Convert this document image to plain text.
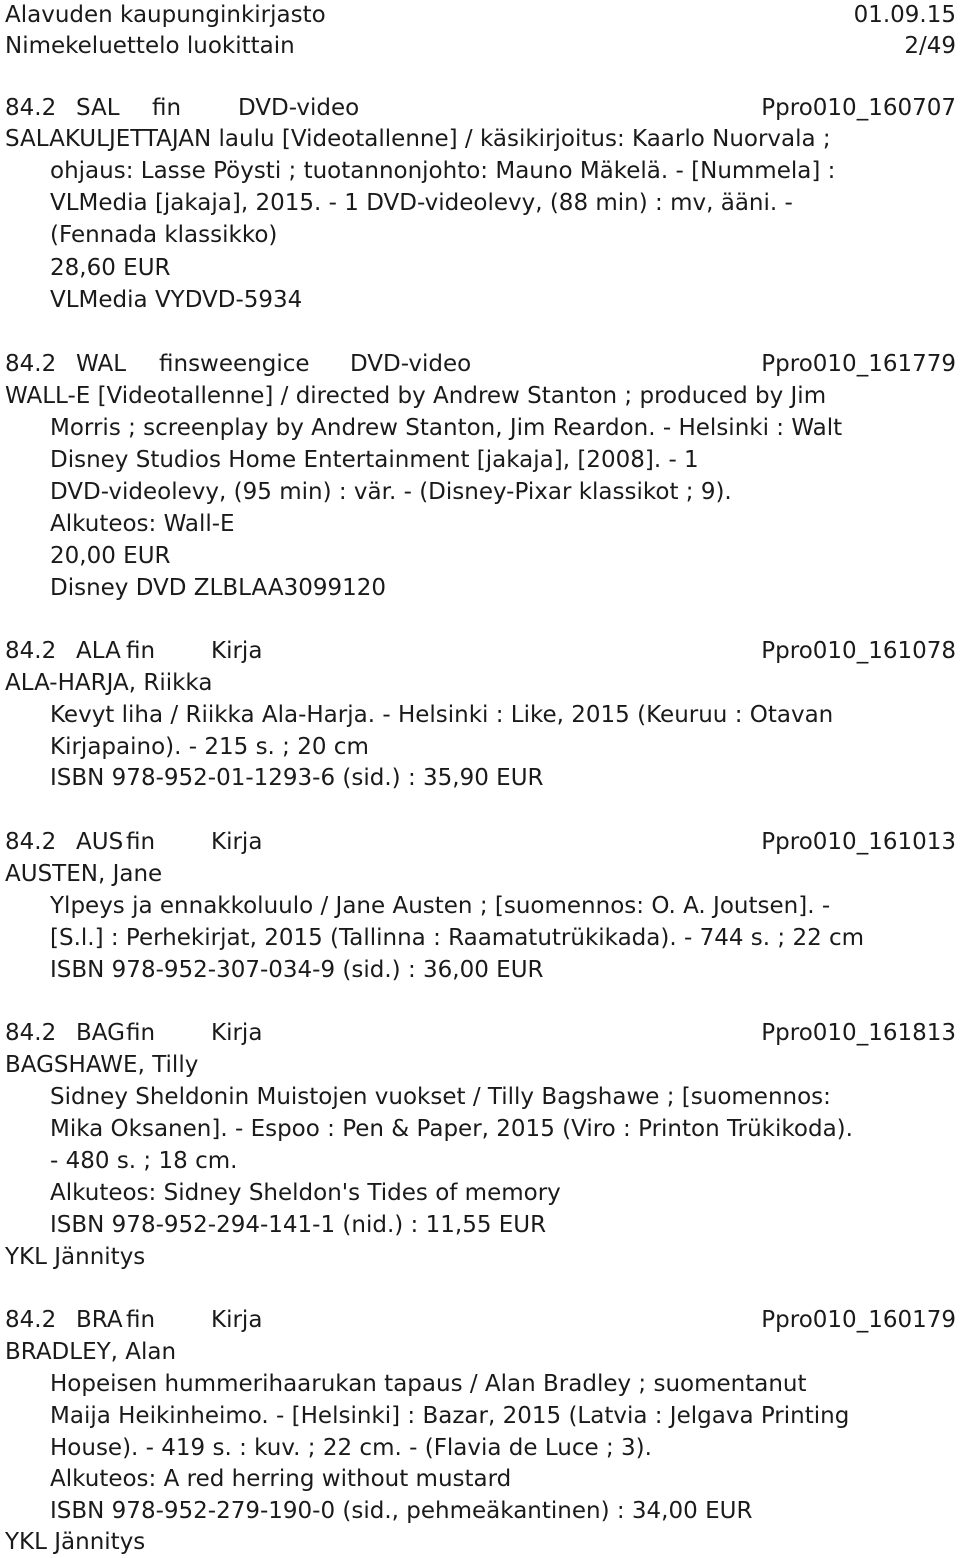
Alavuden kaupunginkirjasto	01.09.15
Nimekeluettelo luokittain	2/49
84.2 SAL fin DVD-video	Ppro010_160707
SALAKULJETTAJAN laulu [Videotallenne] / käsikirjoitus: Kaarlo Nuorvala ;
ohjaus: Lasse Pöysti ; tuotannonjohto: Mauno Mäkelä. - [Nummela] :
VLMedia [jakaja], 2015. - 1 DVD-videolevy, (88 min) : mv, ääni. -
(Fennada klassikko)
28,60 EUR
VLMedia VYDVD-5934
84.2 WAL finsweengice DVD-video	Ppro010_161779
WALL-E [Videotallenne] / directed by Andrew Stanton ; produced by Jim
Morris ; screenplay by Andrew Stanton, Jim Reardon. - Helsinki : Walt
Disney Studios Home Entertainment [jakaja], [2008]. - 1
DVD-videolevy, (95 min) : vär. - (Disney-Pixar klassikot ; 9).
Alkuteos: Wall-E
20,00 EUR
Disney DVD ZLBLAA3099120
84.2 ALA fin Kirja	Ppro010_161078
ALA-HARJA, Riikka
Kevyt liha / Riikka Ala-Harja. - Helsinki : Like, 2015 (Keuruu : Otavan
Kirjapaino). - 215 s. ; 20 cm
ISBN 978-952-01-1293-6 (sid.) : 35,90 EUR
84.2 AUS fin Kirja	Ppro010_161013
AUSTEN, Jane
Ylpeys ja ennakkoluulo / Jane Austen ; [suomennos: O. A. Joutsen]. -
[S.l.] : Perhekirjat, 2015 (Tallinna : Raamatutrükikada). - 744 s. ; 22 cm
ISBN 978-952-307-034-9 (sid.) : 36,00 EUR
84.2 BAG fin Kirja	Ppro010_161813
BAGSHAWE, Tilly
Sidney Sheldonin Muistojen vuokset / Tilly Bagshawe ; [suomennos:
Mika Oksanen]. - Espoo : Pen & Paper, 2015 (Viro : Printon Trükikoda).
- 480 s. ; 18 cm.
Alkuteos: Sidney Sheldon's Tides of memory
ISBN 978-952-294-141-1 (nid.) : 11,55 EUR
YKL Jännitys
84.2 BRA fin Kirja	Ppro010_160179
BRADLEY, Alan
Hopeisen hummerihaarukan tapaus / Alan Bradley ; suomentanut
Maija Heikinheimo. - [Helsinki] : Bazar, 2015 (Latvia : Jelgava Printing
House). - 419 s. : kuv. ; 22 cm. - (Flavia de Luce ; 3).
Alkuteos: A red herring without mustard
ISBN 978-952-279-190-0 (sid., pehmeäkantinen) : 34,00 EUR
YKL Jännitys
